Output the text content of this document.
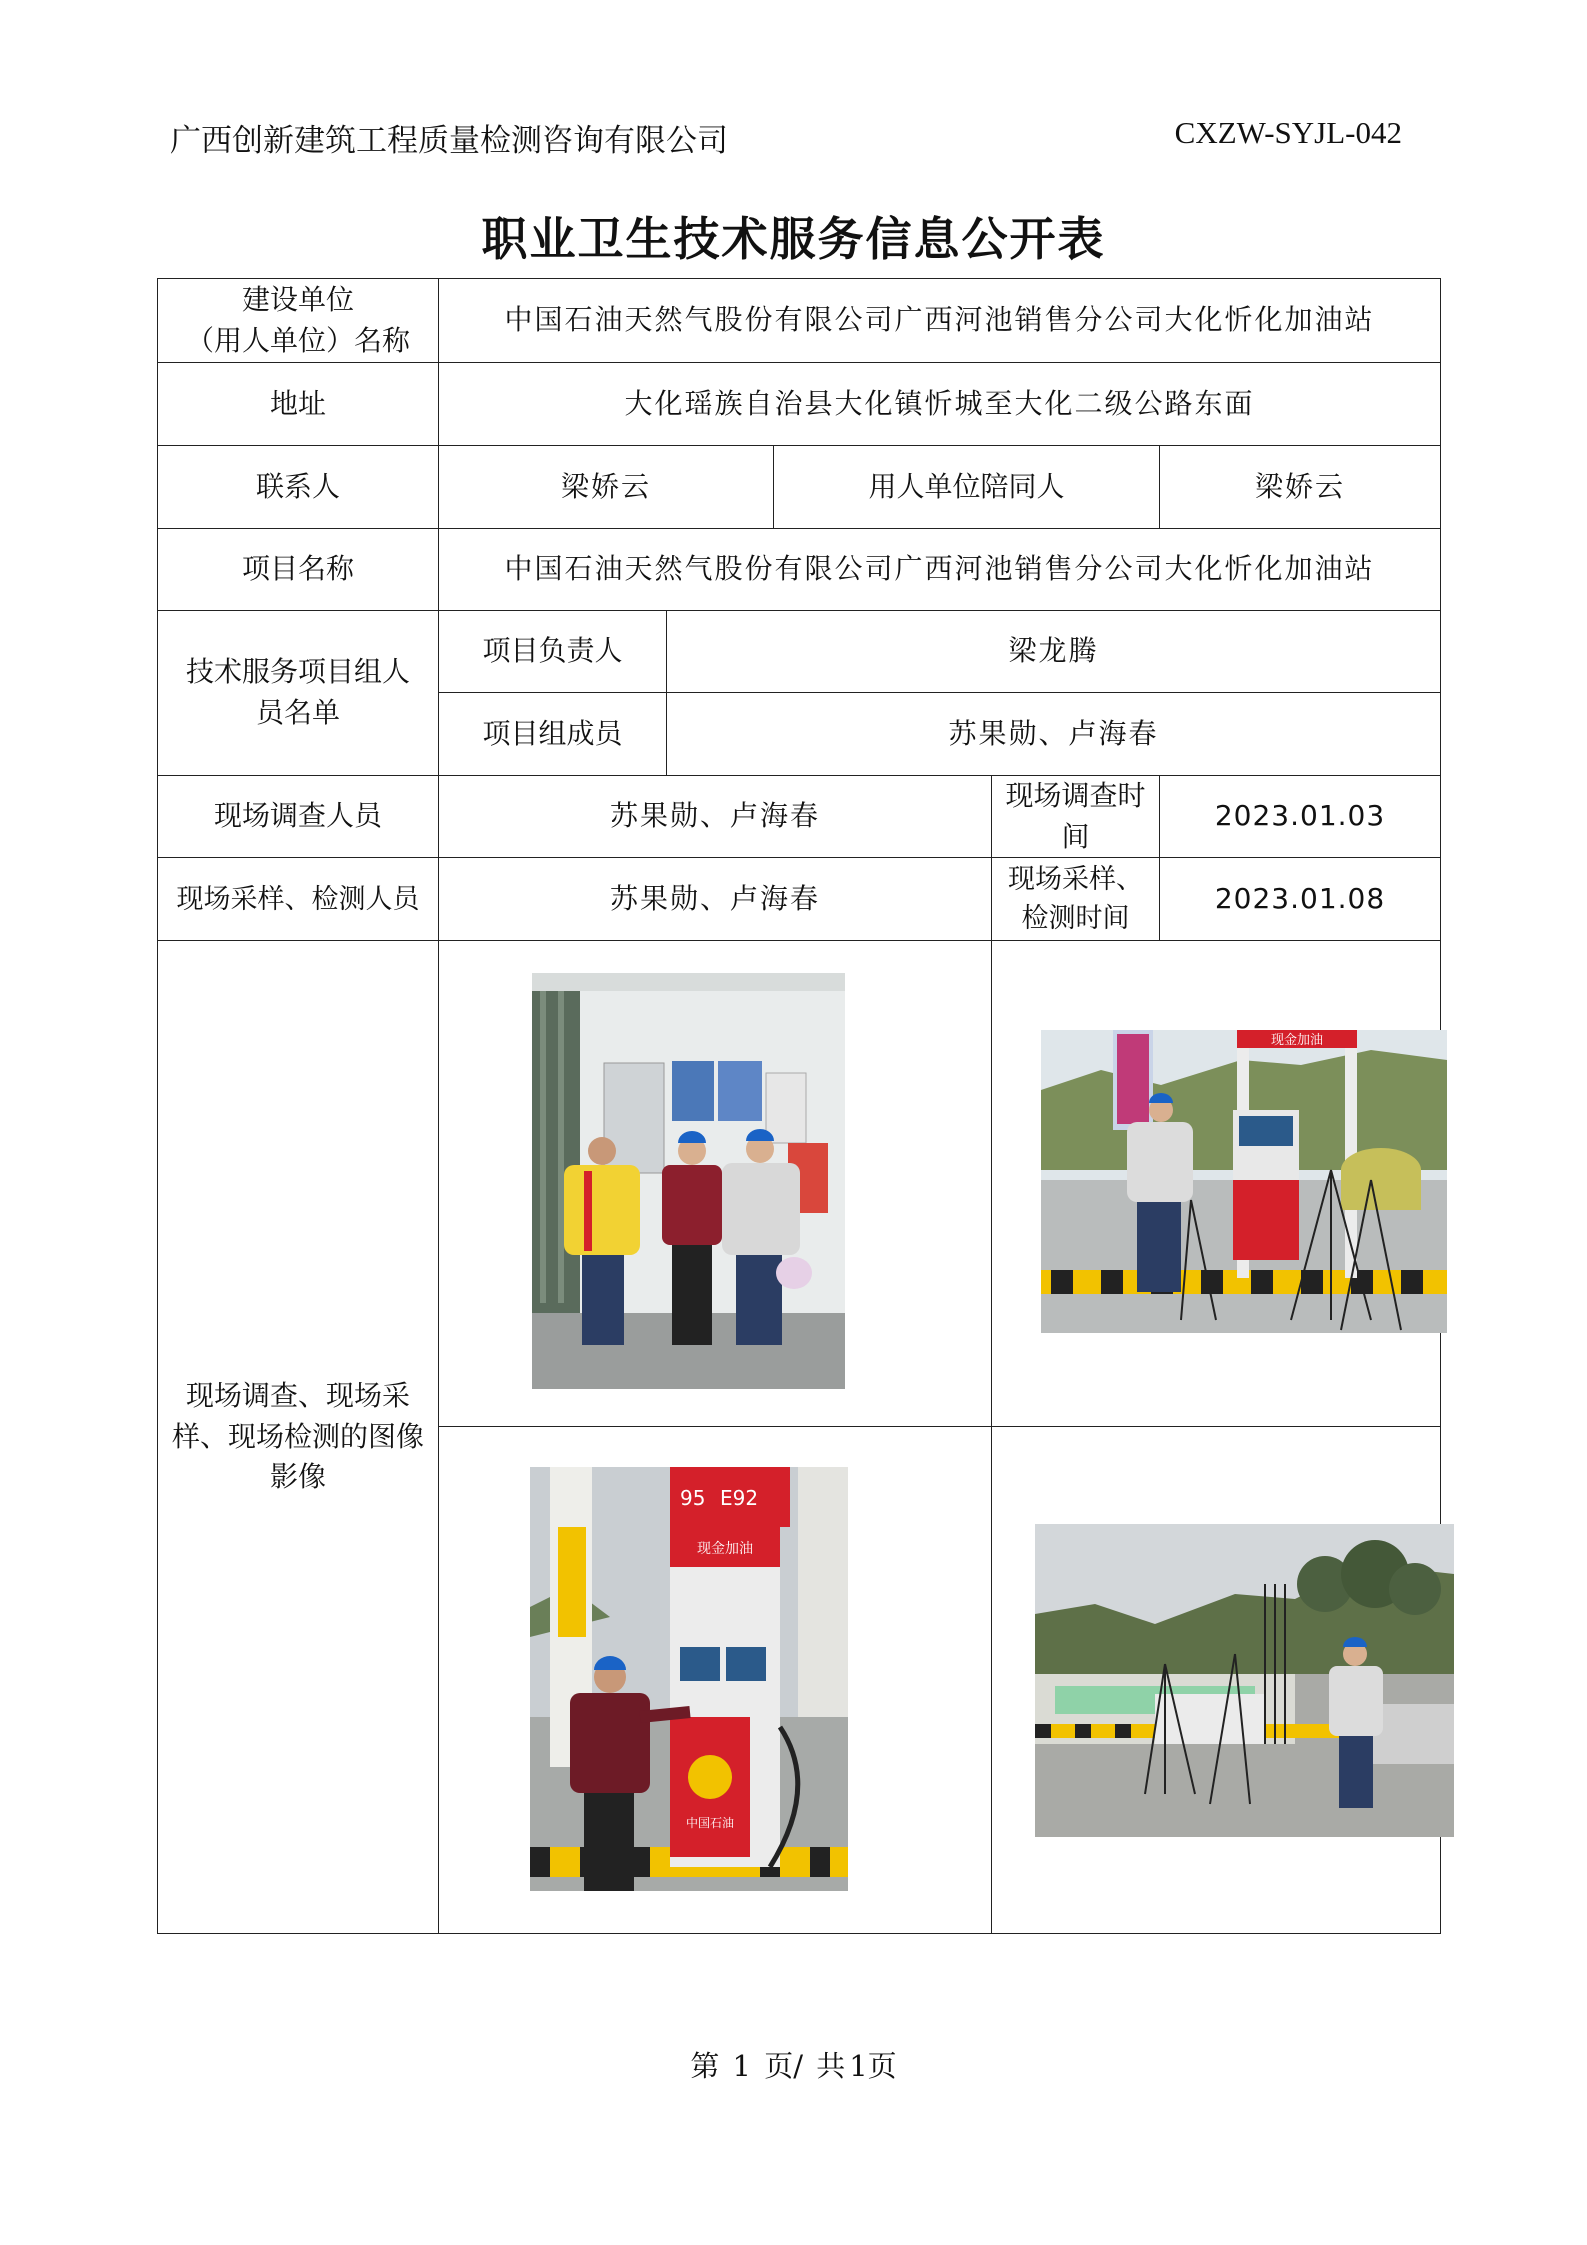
广西创新建筑工程质量检测咨询有限公司	CXZW-SYJL-042
职业卫生技术服务信息公开表
建设单位
（用人单位）名称	中国石油天然气股份有限公司广西河池销售分公司大化忻化加油站				
地址	大化瑶族自治县大化镇忻城至大化二级公路东面				
联系人	梁娇云		用人单位陪同人		梁娇云
项目名称	中国石油天然气股份有限公司广西河池销售分公司大化忻化加油站				
技术服务项目组人员名单	项目负责人	梁龙腾			
	项目组成员	苏果勋、卢海春			
现场调查人员	苏果勋、卢海春			现场调查时间	2023.01.03
现场采样、检测人员	苏果勋、卢海春			现场采样、检测时间	2023.01.08
现场调查、现场采样、现场检测的图像影像				现金加油	

95 E92
现金加油
中国石油

第 1 页/ 共 1页
